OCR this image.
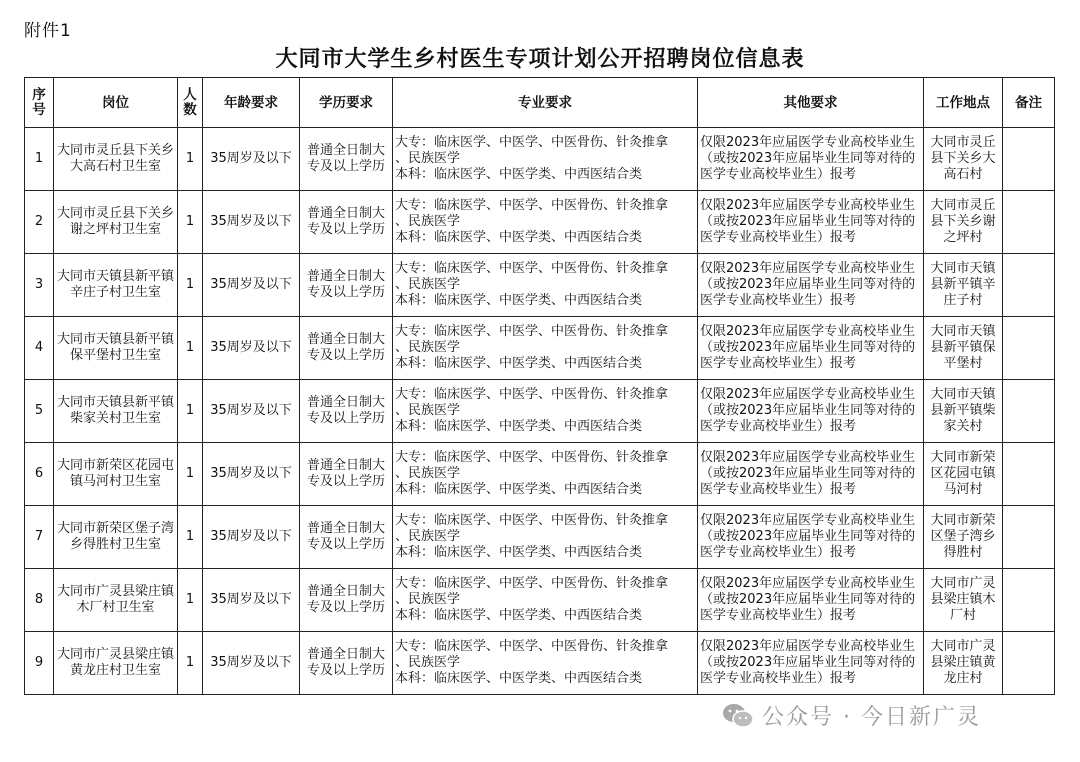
附件1
大同市大学生乡村医生专项计划公开招聘岗位信息表
序号	岗位	人数	年龄要求	学历要求	专业要求	其他要求	工作地点	备注
1	大同市灵丘县下关乡大高石村卫生室	1	35周岁及以下	普通全日制大专及以上学历	大专：临床医学、中医学、中医骨伤、针灸推拿
、民族医学
本科：临床医学、中医学类、中西医结合类	仅限2023年应届医学专业高校毕业生（或按2023年应届毕业生同等对待的医学专业高校毕业生）报考	大同市灵丘县下关乡大高石村	
2	大同市灵丘县下关乡谢之坪村卫生室	1	35周岁及以下	普通全日制大专及以上学历	大专：临床医学、中医学、中医骨伤、针灸推拿
、民族医学
本科：临床医学、中医学类、中西医结合类	仅限2023年应届医学专业高校毕业生（或按2023年应届毕业生同等对待的医学专业高校毕业生）报考	大同市灵丘县下关乡谢之坪村	
3	大同市天镇县新平镇辛庄子村卫生室	1	35周岁及以下	普通全日制大专及以上学历	大专：临床医学、中医学、中医骨伤、针灸推拿
、民族医学
本科：临床医学、中医学类、中西医结合类	仅限2023年应届医学专业高校毕业生（或按2023年应届毕业生同等对待的医学专业高校毕业生）报考	大同市天镇县新平镇辛庄子村	
4	大同市天镇县新平镇保平堡村卫生室	1	35周岁及以下	普通全日制大专及以上学历	大专：临床医学、中医学、中医骨伤、针灸推拿
、民族医学
本科：临床医学、中医学类、中西医结合类	仅限2023年应届医学专业高校毕业生（或按2023年应届毕业生同等对待的医学专业高校毕业生）报考	大同市天镇县新平镇保平堡村	
5	大同市天镇县新平镇柴家关村卫生室	1	35周岁及以下	普通全日制大专及以上学历	大专：临床医学、中医学、中医骨伤、针灸推拿
、民族医学
本科：临床医学、中医学类、中西医结合类	仅限2023年应届医学专业高校毕业生（或按2023年应届毕业生同等对待的医学专业高校毕业生）报考	大同市天镇县新平镇柴家关村	
6	大同市新荣区花园屯镇马河村卫生室	1	35周岁及以下	普通全日制大专及以上学历	大专：临床医学、中医学、中医骨伤、针灸推拿
、民族医学
本科：临床医学、中医学类、中西医结合类	仅限2023年应届医学专业高校毕业生（或按2023年应届毕业生同等对待的医学专业高校毕业生）报考	大同市新荣区花园屯镇马河村	
7	大同市新荣区堡子湾乡得胜村卫生室	1	35周岁及以下	普通全日制大专及以上学历	大专：临床医学、中医学、中医骨伤、针灸推拿
、民族医学
本科：临床医学、中医学类、中西医结合类	仅限2023年应届医学专业高校毕业生（或按2023年应届毕业生同等对待的医学专业高校毕业生）报考	大同市新荣区堡子湾乡得胜村	
8	大同市广灵县梁庄镇木厂村卫生室	1	35周岁及以下	普通全日制大专及以上学历	大专：临床医学、中医学、中医骨伤、针灸推拿
、民族医学
本科：临床医学、中医学类、中西医结合类	仅限2023年应届医学专业高校毕业生（或按2023年应届毕业生同等对待的医学专业高校毕业生）报考	大同市广灵县梁庄镇木厂村	
9	大同市广灵县梁庄镇黄龙庄村卫生室	1	35周岁及以下	普通全日制大专及以上学历	大专：临床医学、中医学、中医骨伤、针灸推拿
、民族医学
本科：临床医学、中医学类、中西医结合类	仅限2023年应届医学专业高校毕业生（或按2023年应届毕业生同等对待的医学专业高校毕业生）报考	大同市广灵县梁庄镇黄龙庄村	
公众号 · 今日新广灵
